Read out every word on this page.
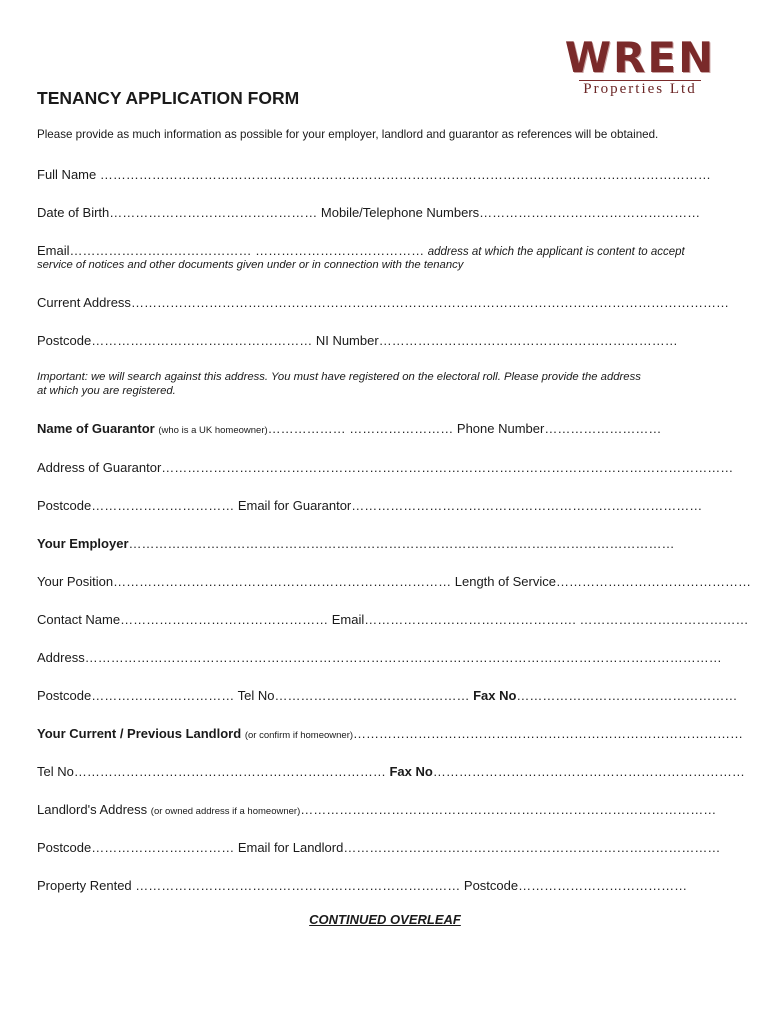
WREN
Properties Ltd
TENANCY APPLICATION FORM
Please provide as much information as possible for your employer, landlord and guarantor as references will be obtained.
Full Name ……………………………………………………………………………………………………………………………
Date of Birth………………………………………… Mobile/Telephone Numbers……………………………………………
Email…………………………………… ………………………………… address at which the applicant is content to accept
service of notices and other documents given under or in connection with the tenancy
Current Address…………………………………………………………………………………………………………………………
Postcode…………………………………………… NI Number……………………………………………………………
Important: we will search against this address. You must have registered on the electoral roll. Please provide the address
at which you are registered.
Name of Guarantor (who is a UK homeowner)……………… …………………… Phone Number………………………
Address of Guarantor……………………………………………………………………………………………………………………
Postcode…………………………… Email for Guarantor………………………………………………………………………
Your Employer………………………………………………………………………………………………………………
Your Position…………………………………………………………………… Length of Service………………………………………
Contact Name………………………………………… Email…………………………………………. …………………………………
Address…………………………………………………………………………………………………………………………………
Postcode…………………………… Tel No……………………………………… Fax No……………………………………………
Your Current / Previous Landlord (or confirm if homeowner)………………………………………………………………………………
Tel No……………………………………………………………… Fax No………………………………………………………………
Landlord's Address (or owned address if a homeowner)……………………………………………………………………………………
Postcode…………………………… Email for Landlord……………………………………………………………………………
Property Rented ………………………………………………………………… Postcode…………………………………
CONTINUED OVERLEAF
